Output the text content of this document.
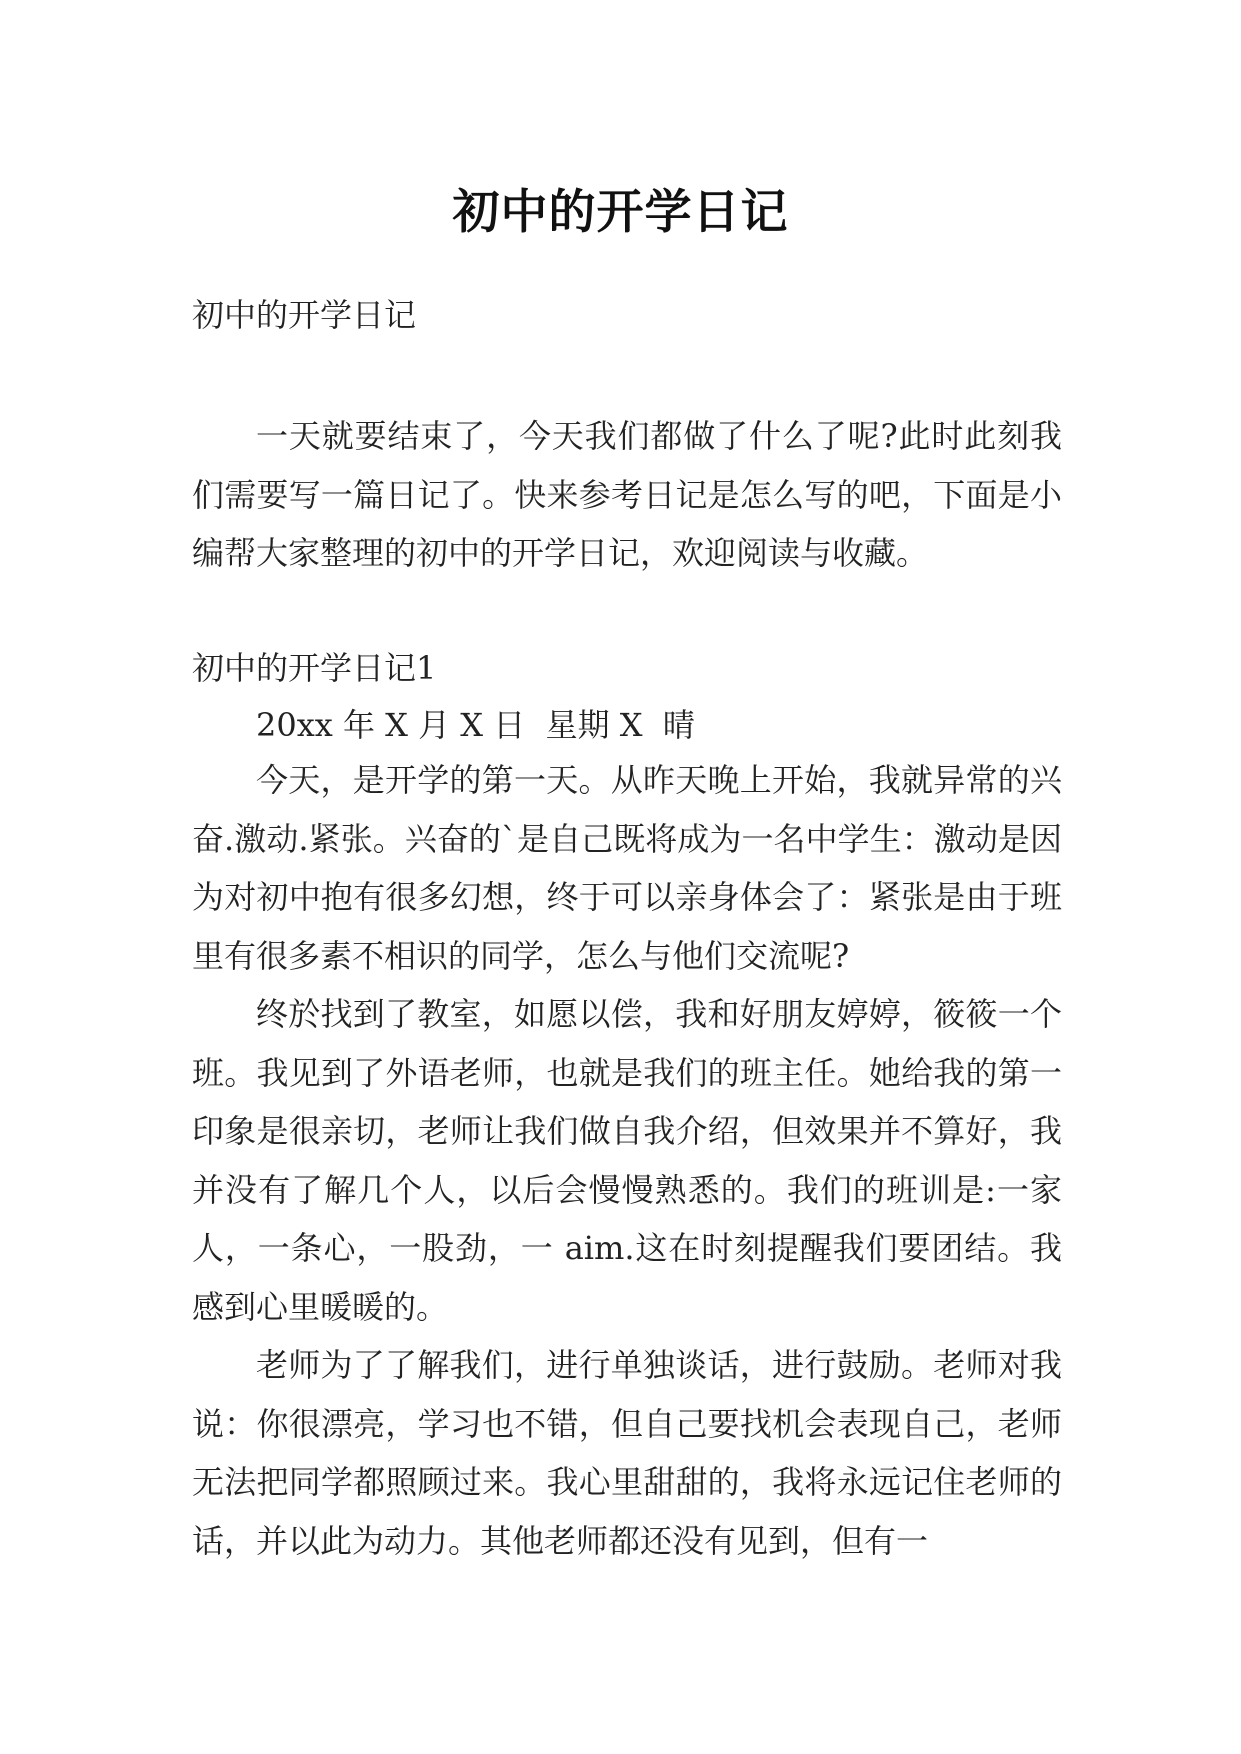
初中的开学日记

初中的开学日记

一天就要结束了，今天我们都做了什么了呢?此时此刻我们需要写一篇日记了。快来参考日记是怎么写的吧，下面是小编帮大家整理的初中的开学日记，欢迎阅读与收藏。

初中的开学日记1

20xx 年 X 月 X 日  星期 X  晴

今天，是开学的第一天。从昨天晚上开始，我就异常的兴奋.激动.紧张。兴奋的`是自己既将成为一名中学生：激动是因为对初中抱有很多幻想，终于可以亲身体会了：紧张是由于班里有很多素不相识的同学，怎么与他们交流呢?

终於找到了教室，如愿以偿，我和好朋友婷婷，筱筱一个班。我见到了外语老师，也就是我们的班主任。她给我的第一印象是很亲切，老师让我们做自我介绍，但效果并不算好，我并没有了解几个人，以后会慢慢熟悉的。我们的班训是:一家人，一条心，一股劲，一 aim.这在时刻提醒我们要团结。我感到心里暖暖的。

老师为了了解我们，进行单独谈话，进行鼓励。老师对我说：你很漂亮，学习也不错，但自己要找机会表现自己，老师无法把同学都照顾过来。我心里甜甜的，我将永远记住老师的话，并以此为动力。其他老师都还没有见到，但有一
